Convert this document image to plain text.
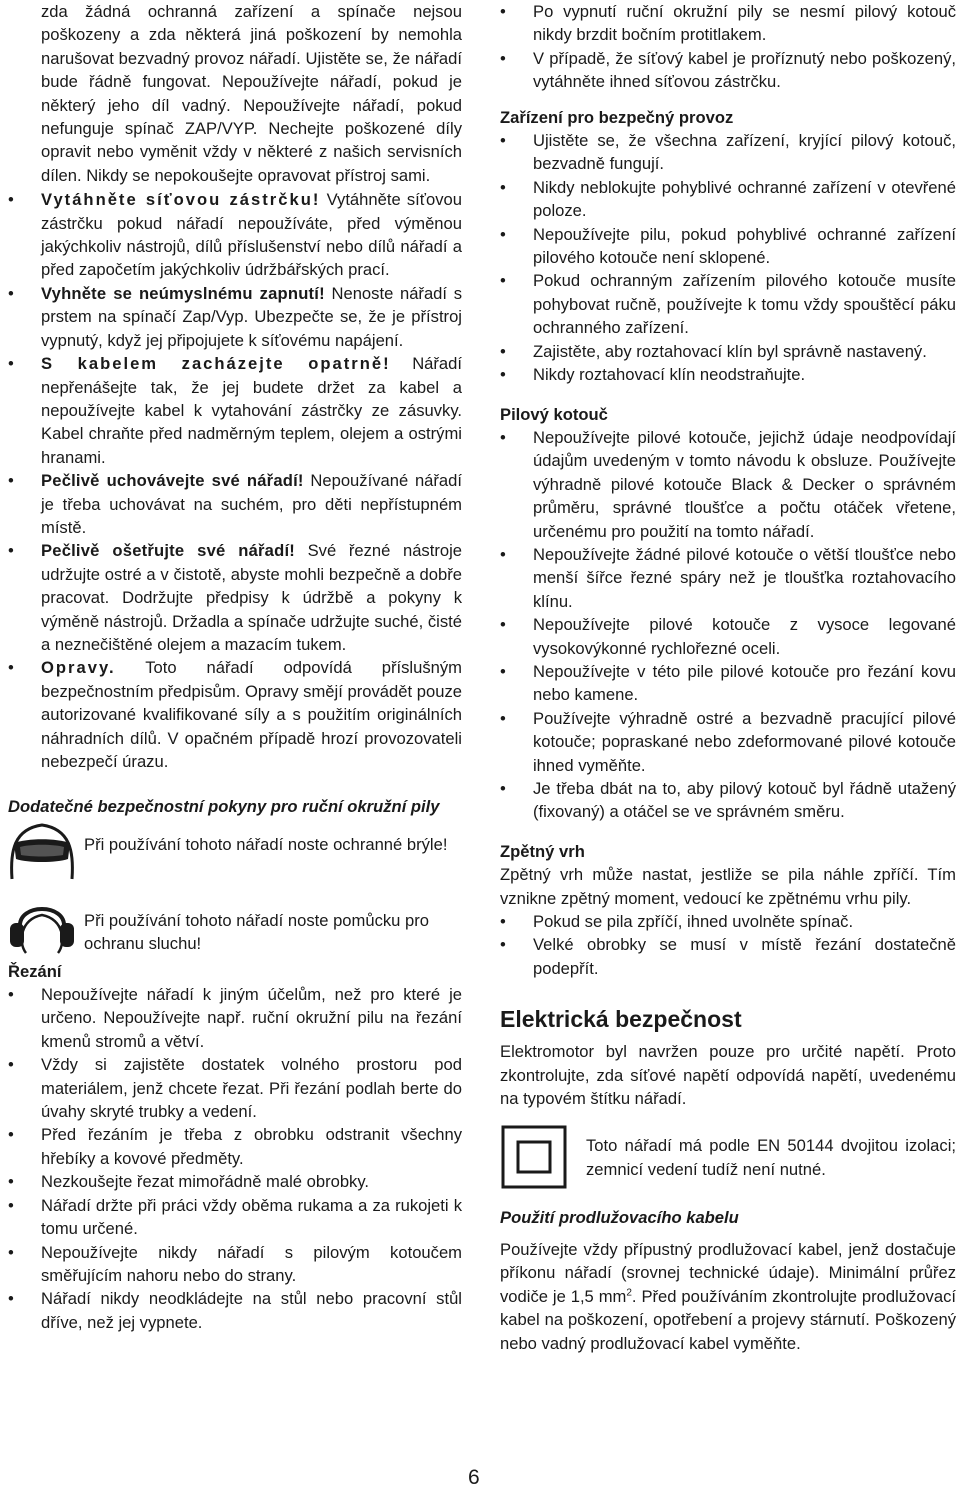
zda žádná ochranná zařízení a spínače nejsou poškozeny a zda některá jiná poškození by nemohla narušovat bezvadný provoz nářadí. Ujistěte se, že nářadí bude řádně fungovat. Nepoužívejte nářadí, pokud je některý jeho díl vadný. Nepoužívejte nářadí, pokud nefunguje spínač ZAP/VYP. Nechejte poškozené díly opravit nebo vyměnit vždy v některé z našich servisních dílen. Nikdy se nepokoušejte opravovat přístroj sami.
• Vytáhněte síťovou zástrčku! Vytáhněte síťovou zástrčku pokud nářadí nepoužíváte, před výměnou jakýchkoliv nástrojů, dílů příslušenství nebo dílů nářadí a před započetím jakýchkoliv údržbářských prací.
• Vyhněte se neúmyslnému zapnutí! Nenoste nářadí s prstem na spínačí Zap/Vyp. Ubezpečte se, že je přístroj vypnutý, když jej připojujete k síťovému napájení.
• S kabelem zacházejte opatrně! Nářadí nepřenášejte tak, že jej budete držet za kabel a nepoužívejte kabel k vytahování zástrčky ze zásuvky. Kabel chraňte před nadměrným teplem, olejem a ostrými hranami.
• Pečlivě uchovávejte své nářadí! Nepoužívané nářadí je třeba uchovávat na suchém, pro děti nepřístupném místě.
• Pečlivě ošetřujte své nářadí! Své řezné nástroje udržujte ostré a v čistotě, abyste mohli bezpečně a dobře pracovat. Dodržujte předpisy k údržbě a pokyny k výměně nástrojů. Držadla a spínače udržujte suché, čisté a neznečištěné olejem a mazacím tukem.
• Opravy. Toto nářadí odpovídá příslušným bezpečnostním předpisům. Opravy smějí provádět pouze autorizované kvalifikované síly a s použitím originálních náhradních dílů. V opačném případě hrozí provozovateli nebezpečí úrazu.
Dodatečné bezpečnostní pokyny pro ruční okružní pily

Při používání tohoto nářadí noste ochranné brýle!

Při používání tohoto nářadí noste pomůcku pro ochranu sluchu!

Řezání
• Nepoužívejte nářadí k jiným účelům, než pro které je určeno. Nepoužívejte např. ruční okružní pilu na řezání kmenů stromů a větví.
• Vždy si zajistěte dostatek volného prostoru pod materiálem, jenž chcete řezat. Při řezání podlah berte do úvahy skryté trubky a vedení.
• Před řezáním je třeba z obrobku odstranit všechny hřebíky a kovové předměty.
• Nezkoušejte řezat mimořádně malé obrobky.
• Nářadí držte při práci vždy oběma rukama a za rukojeti k tomu určené.
• Nepoužívejte nikdy nářadí s pilovým kotoučem směřujícím nahoru nebo do strany.
• Nářadí nikdy neodkládejte na stůl nebo pracovní stůl dříve, než jej vypnete.
• Po vypnutí ruční okružní pily se nesmí pilový kotouč nikdy brzdit bočním protitlakem.
• V případě, že síťový kabel je proříznutý nebo poškozený, vytáhněte ihned síťovou zástrčku.
Zařízení pro bezpečný provoz
• Ujistěte se, že všechna zařízení, kryjící pilový kotouč, bezvadně fungují.
• Nikdy neblokujte pohyblivé ochranné zařízení v otevřené poloze.
• Nepoužívejte pilu, pokud pohyblivé ochranné zařízení pilového kotouče není sklopené.
• Pokud ochranným zařízením pilového kotouče musíte pohybovat ručně, používejte k tomu vždy spouštěcí páku ochranného zařízení.
• Zajistěte, aby roztahovací klín byl správně nastavený.
• Nikdy roztahovací klín neodstraňujte.
Pilový kotouč
• Nepoužívejte pilové kotouče, jejichž údaje neodpovídají údajům uvedeným v tomto návodu k obsluze. Používejte výhradně pilové kotouče Black & Decker o správném průměru, správné tloušťce a počtu otáček vřetene, určenému pro použití na tomto nářadí.
• Nepoužívejte žádné pilové kotouče o větší tloušťce nebo menší šířce řezné spáry než je tloušťka roztahovacího klínu.
• Nepoužívejte pilové kotouče z vysoce legované vysokovýkonné rychlořezné oceli.
• Nepoužívejte v této pile pilové kotouče pro řezání kovu nebo kamene.
• Používejte výhradně ostré a bezvadně pracující pilové kotouče; popraskané nebo zdeformované pilové kotouče ihned vyměňte.
• Je třeba dbát na to, aby pilový kotouč byl řádně utažený (fixovaný) a otáčel se ve správném směru.
Zpětný vrh

Zpětný vrh může nastat, jestliže se pila náhle zpříčí. Tím vznikne zpětný moment, vedoucí ke zpětnému vrhu pily.

• Pokud se pila zpříčí, ihned uvolněte spínač.
• Velké obrobky se musí v místě řezání dostatečně podepřít.
Elektrická bezpečnost

Elektromotor byl navržen pouze pro určité napětí. Proto zkontrolujte, zda síťové napětí odpovídá napětí, uvedenému na typovém štítku nářadí.

Toto nářadí má podle EN 50144 dvojitou izolaci; zemnicí vedení tudíž není nutné.

Použití prodlužovacího kabelu

Používejte vždy přípustný prodlužovací kabel, jenž dostačuje příkonu nářadí (srovnej technické údaje). Minimální průřez vodiče je 1,5 $mm^2$. Před používáním zkontrolujte prodlužovací kabel na poškození, opotřebení a projevy stárnutí. Poškozený nebo vadný prodlužovací kabel vyměňte.

6
